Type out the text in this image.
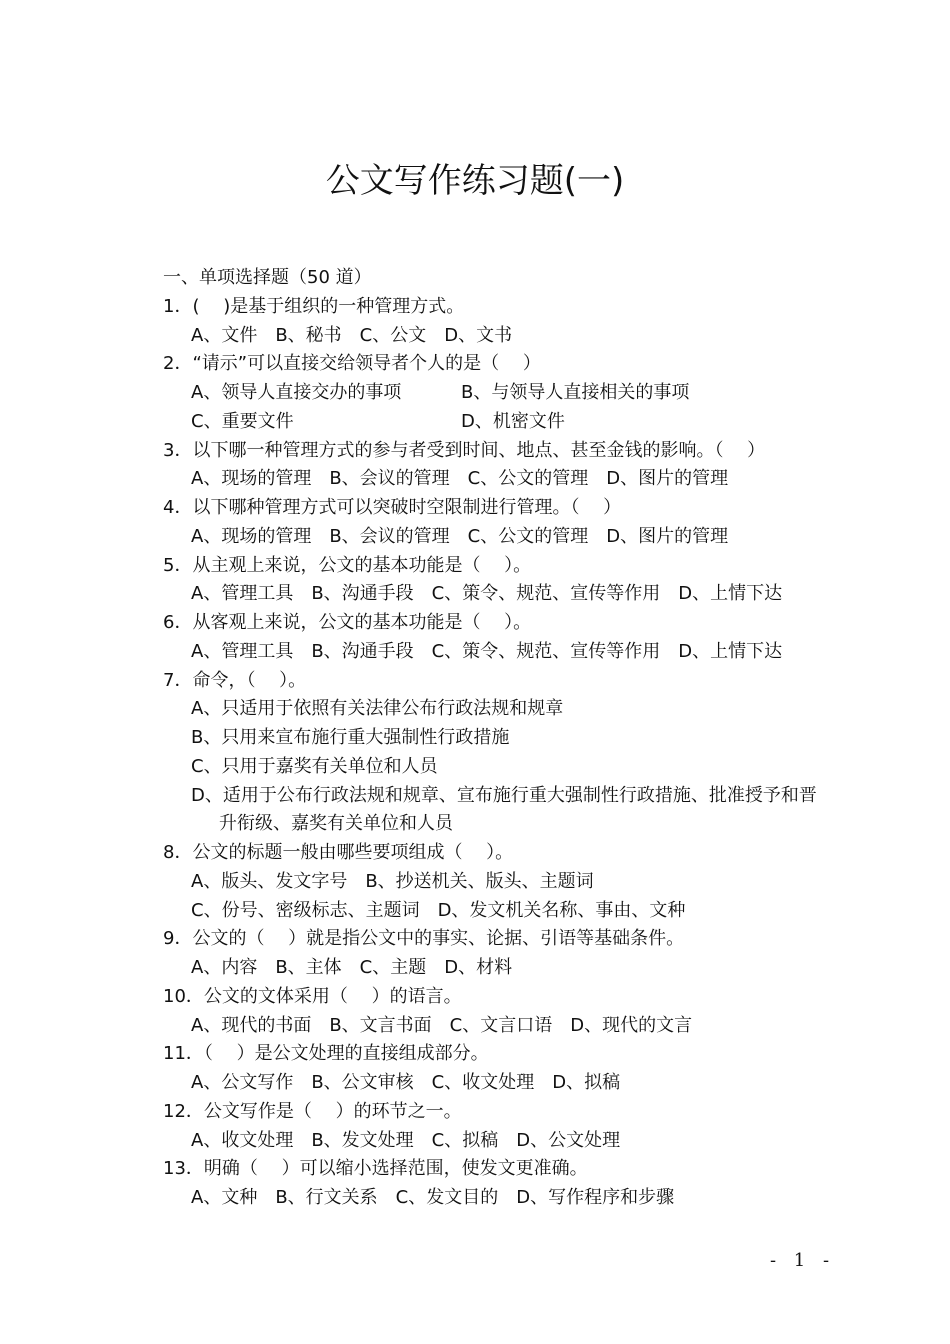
公文写作练习题(一)
一、单项选择题（50 道）
1．(　 )是基于组织的一种管理方式。
A、文件　B、秘书　C、公文　D、文书
2．“请示”可以直接交给领导者个人的是（　 ）
A、领导人直接交办的事项	B、与领导人直接相关的事项
C、重要文件	D、机密文件
3．以下哪一种管理方式的参与者受到时间、地点、甚至金钱的影响。（　 ）
A、现场的管理　B、会议的管理　C、公文的管理　D、图片的管理
4．以下哪种管理方式可以突破时空限制进行管理。（　 ）
A、现场的管理　B、会议的管理　C、公文的管理　D、图片的管理
5．从主观上来说，公文的基本功能是（　 ）。
A、管理工具　B、沟通手段　C、策令、规范、宣传等作用　D、上情下达
6．从客观上来说，公文的基本功能是（　 ）。
A、管理工具　B、沟通手段　C、策令、规范、宣传等作用　D、上情下达
7．命令，（　 ）。
A、只适用于依照有关法律公布行政法规和规章
B、只用来宣布施行重大强制性行政措施
C、只用于嘉奖有关单位和人员
D、适用于公布行政法规和规章、宣布施行重大强制性行政措施、批准授予和晋
升衔级、嘉奖有关单位和人员
8．公文的标题一般由哪些要项组成（　 ）。
A、版头、发文字号　B、抄送机关、版头、主题词
C、份号、密级标志、主题词　D、发文机关名称、事由、文种
9．公文的（　 ）就是指公文中的事实、论据、引语等基础条件。
A、内容　B、主体　C、主题　D、材料
10．公文的文体采用（　 ）的语言。
A、现代的书面　B、文言书面　C、文言口语　D、现代的文言
11．（　 ）是公文处理的直接组成部分。
A、公文写作　B、公文审核　C、收文处理　D、拟稿
12．公文写作是（　 ）的环节之一。
A、收文处理　B、发文处理　C、拟稿　D、公文处理
13．明确（　 ）可以缩小选择范围，使发文更准确。
A、文种　B、行文关系　C、发文目的　D、写作程序和步骤
- 1 -
